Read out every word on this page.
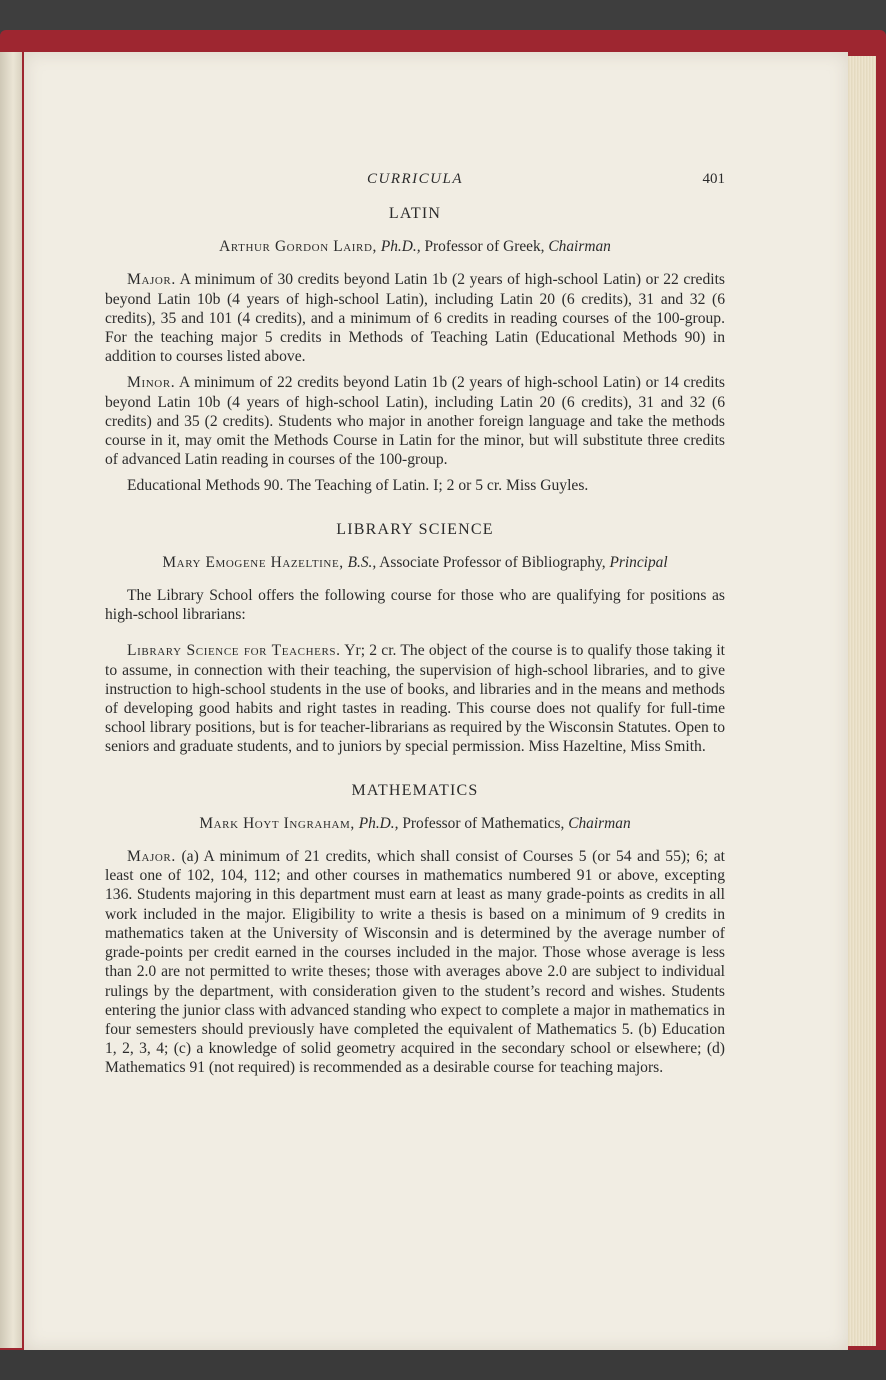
CURRICULA	401
LATIN
Arthur Gordon Laird, Ph.D., Professor of Greek, Chairman

Major. A minimum of 30 credits beyond Latin 1b (2 years of high-school Latin) or 22 credits beyond Latin 10b (4 years of high-school Latin), including Latin 20 (6 credits), 31 and 32 (6 credits), 35 and 101 (4 credits), and a minimum of 6 credits in reading courses of the 100-group. For the teaching major 5 credits in Methods of Teaching Latin (Educational Methods 90) in addition to courses listed above.

Minor. A minimum of 22 credits beyond Latin 1b (2 years of high-school Latin) or 14 credits beyond Latin 10b (4 years of high-school Latin), including Latin 20 (6 credits), 31 and 32 (6 credits) and 35 (2 credits). Students who major in another foreign language and take the methods course in it, may omit the Methods Course in Latin for the minor, but will substitute three credits of advanced Latin reading in courses of the 100-group.

Educational Methods 90. The Teaching of Latin. I; 2 or 5 cr. Miss Guyles.

LIBRARY SCIENCE
Mary Emogene Hazeltine, B.S., Associate Professor of Bibliography, Principal

The Library School offers the following course for those who are qualifying for positions as high-school librarians:

Library Science for Teachers. Yr; 2 cr. The object of the course is to qualify those taking it to assume, in connection with their teaching, the supervision of high-school libraries, and to give instruction to high-school students in the use of books, and libraries and in the means and methods of developing good habits and right tastes in reading. This course does not qualify for full-time school library positions, but is for teacher-librarians as required by the Wisconsin Statutes. Open to seniors and graduate students, and to juniors by special permission. Miss Hazeltine, Miss Smith.

MATHEMATICS
Mark Hoyt Ingraham, Ph.D., Professor of Mathematics, Chairman

Major. (a) A minimum of 21 credits, which shall consist of Courses 5 (or 54 and 55); 6; at least one of 102, 104, 112; and other courses in mathematics numbered 91 or above, excepting 136. Students majoring in this department must earn at least as many grade-points as credits in all work included in the major. Eligibility to write a thesis is based on a minimum of 9 credits in mathematics taken at the University of Wisconsin and is determined by the average number of grade-points per credit earned in the courses included in the major. Those whose average is less than 2.0 are not permitted to write theses; those with averages above 2.0 are subject to individual rulings by the department, with consideration given to the student’s record and wishes. Students entering the junior class with advanced standing who expect to complete a major in mathematics in four semesters should previously have completed the equivalent of Mathematics 5. (b) Education 1, 2, 3, 4; (c) a knowledge of solid geometry acquired in the secondary school or elsewhere; (d) Mathematics 91 (not required) is recommended as a desirable course for teaching majors.
